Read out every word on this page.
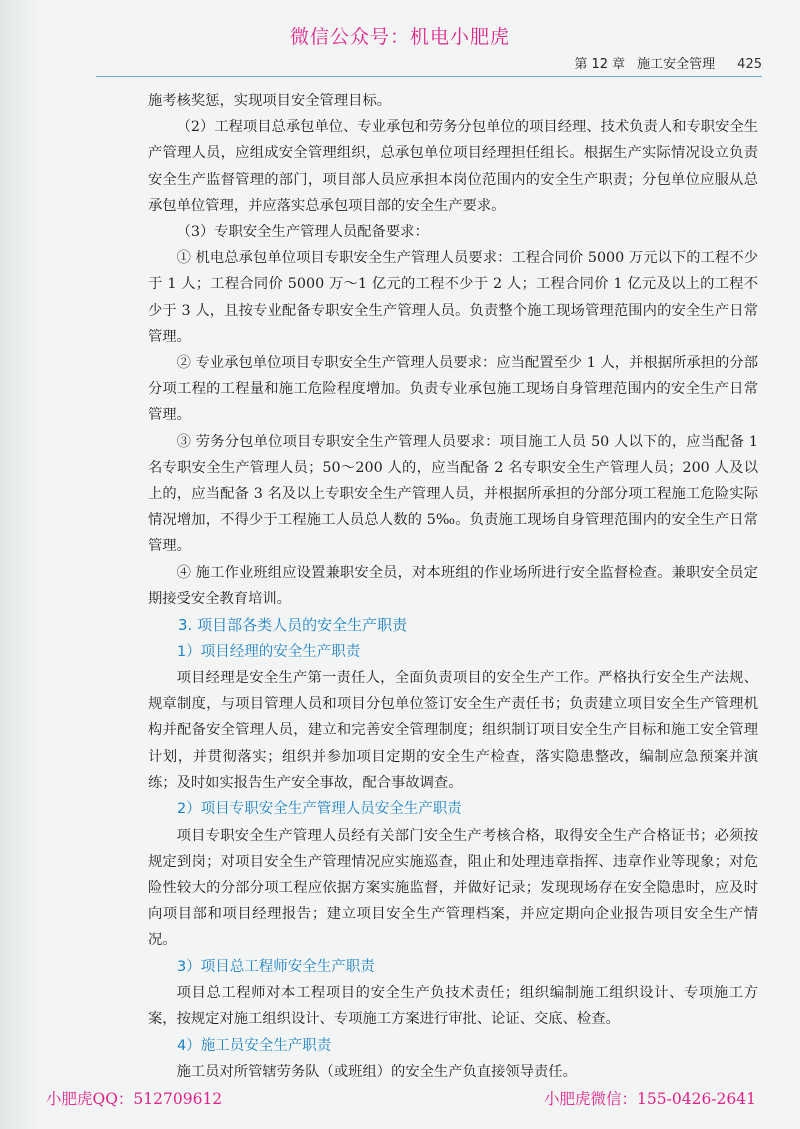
微信公众号：机电小肥虎
第 12 章 施工安全管理 425

施考核奖惩，实现项目安全管理目标。

（2）工程项目总承包单位、专业承包和劳务分包单位的项目经理、技术负责人和专职安全生产管理人员，应组成安全管理组织，总承包单位项目经理担任组长。根据生产实际情况设立负责安全生产监督管理的部门，项目部人员应承担本岗位范围内的安全生产职责；分包单位应服从总承包单位管理，并应落实总承包项目部的安全生产要求。

（3）专职安全生产管理人员配备要求：

① 机电总承包单位项目专职安全生产管理人员要求：工程合同价 5000 万元以下的工程不少于 1 人；工程合同价 5000 万～1 亿元的工程不少于 2 人；工程合同价 1 亿元及以上的工程不少于 3 人，且按专业配备专职安全生产管理人员。负责整个施工现场管理范围内的安全生产日常管理。

② 专业承包单位项目专职安全生产管理人员要求：应当配置至少 1 人，并根据所承担的分部分项工程的工程量和施工危险程度增加。负责专业承包施工现场自身管理范围内的安全生产日常管理。

③ 劳务分包单位项目专职安全生产管理人员要求：项目施工人员 50 人以下的，应当配备 1 名专职安全生产管理人员；50～200 人的，应当配备 2 名专职安全生产管理人员；200 人及以上的，应当配备 3 名及以上专职安全生产管理人员，并根据所承担的分部分项工程施工危险实际情况增加，不得少于工程施工人员总人数的 5‰。负责施工现场自身管理范围内的安全生产日常管理。

④ 施工作业班组应设置兼职安全员，对本班组的作业场所进行安全监督检查。兼职安全员定期接受安全教育培训。

3. 项目部各类人员的安全生产职责
1）项目经理的安全生产职责

项目经理是安全生产第一责任人，全面负责项目的安全生产工作。严格执行安全生产法规、规章制度，与项目管理人员和项目分包单位签订安全生产责任书；负责建立项目安全生产管理机构并配备安全管理人员，建立和完善安全管理制度；组织制订项目安全生产目标和施工安全管理计划，并贯彻落实；组织并参加项目定期的安全生产检查，落实隐患整改，编制应急预案并演练；及时如实报告生产安全事故，配合事故调查。

2）项目专职安全生产管理人员安全生产职责

项目专职安全生产管理人员经有关部门安全生产考核合格，取得安全生产合格证书；必须按规定到岗；对项目安全生产管理情况应实施巡查，阻止和处理违章指挥、违章作业等现象；对危险性较大的分部分项工程应依据方案实施监督，并做好记录；发现现场存在安全隐患时，应及时向项目部和项目经理报告；建立项目安全生产管理档案，并应定期向企业报告项目安全生产情况。

3）项目总工程师安全生产职责

项目总工程师对本工程项目的安全生产负技术责任；组织编制施工组织设计、专项施工方案，按规定对施工组织设计、专项施工方案进行审批、论证、交底、检查。

4）施工员安全生产职责

施工员对所管辖劳务队（或班组）的安全生产负直接领导责任。

小肥虎QQ：512709612	小肥虎微信：155-0426-2641
